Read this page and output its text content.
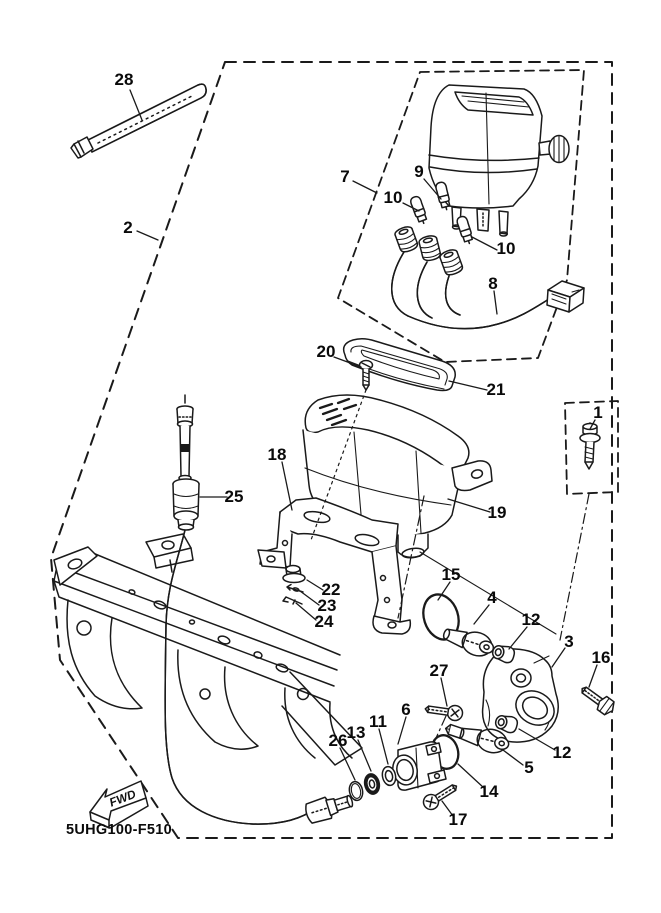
FWD
28
2
7	9
10
10
8
20
21
1
18
25
19
15
4
22
23
24	12
3
16
27
6
11
13
26
12
5
14
17
5UHG100-F510
